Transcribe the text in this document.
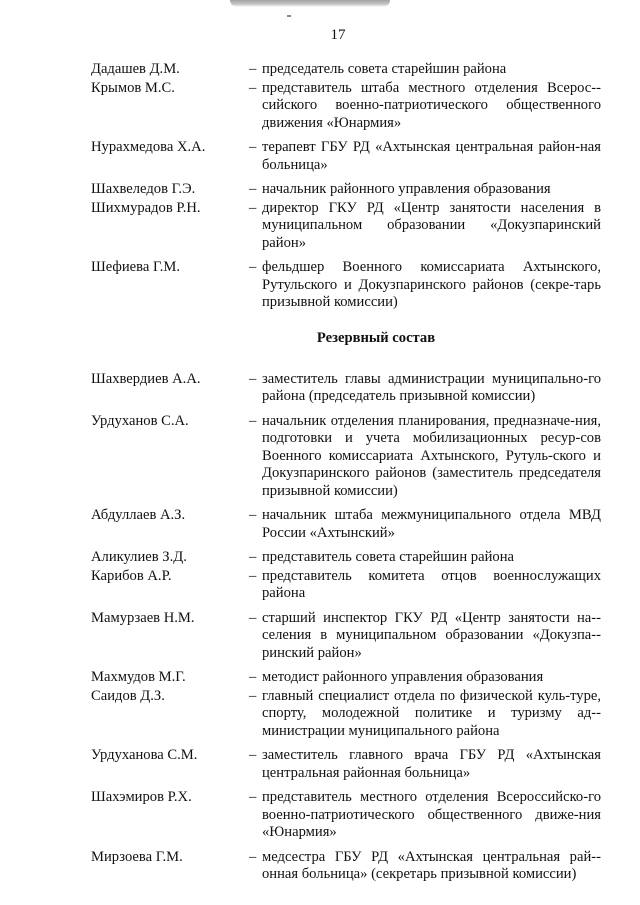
17
Дадашев Д.М.	– председатель совета старейшин района
Крымов М.С.	– представитель штаба местного отделения Всерос-сийского военно-патриотического общественного движения «Юнармия»
Нурахмедова Х.А.	– терапевт ГБУ РД «Ахтынская центральная район-ная больница»
Шахвеледов Г.Э.	– начальник районного управления образования
Шихмурадов Р.Н.	– директор ГКУ РД «Центр занятости населения в муниципальном образовании «Докузпаринский район»
Шефиева Г.М.	– фельдшер Военного комиссариата Ахтынского, Рутульского и Докузпаринского районов (секре-тарь призывной комиссии)
Резервный состав
Шахвердиев А.А.	– заместитель главы администрации муниципально-го района (председатель призывной комиссии)
Урдуханов С.А.	– начальник отделения планирования, предназначе-ния, подготовки и учета мобилизационных ресур-сов Военного комиссариата Ахтынского, Рутуль-ского и Докузпаринского районов (заместитель председателя призывной комиссии)
Абдуллаев А.З.	– начальник штаба межмуниципального отдела МВД России «Ахтынский»
Аликулиев З.Д.	– представитель совета старейшин района
Карибов А.Р.	– представитель комитета отцов военнослужащих района
Мамурзаев Н.М.	– старший инспектор ГКУ РД «Центр занятости на-селения в муниципальном образовании «Докузпа-ринский район»
Махмудов М.Г.	– методист районного управления образования
Саидов Д.З.	– главный специалист отдела по физической куль-туре, спорту, молодежной политике и туризму ад-министрации муниципального района
Урдуханова С.М.	– заместитель главного врача ГБУ РД «Ахтынская центральная районная больница»
Шахэмиров Р.Х.	– представитель местного отделения Всероссийско-го военно-патриотического общественного движе-ния «Юнармия»
Мирзоева Г.М.	– медсестра ГБУ РД «Ахтынская центральная рай-онная больница» (секретарь призывной комиссии)
